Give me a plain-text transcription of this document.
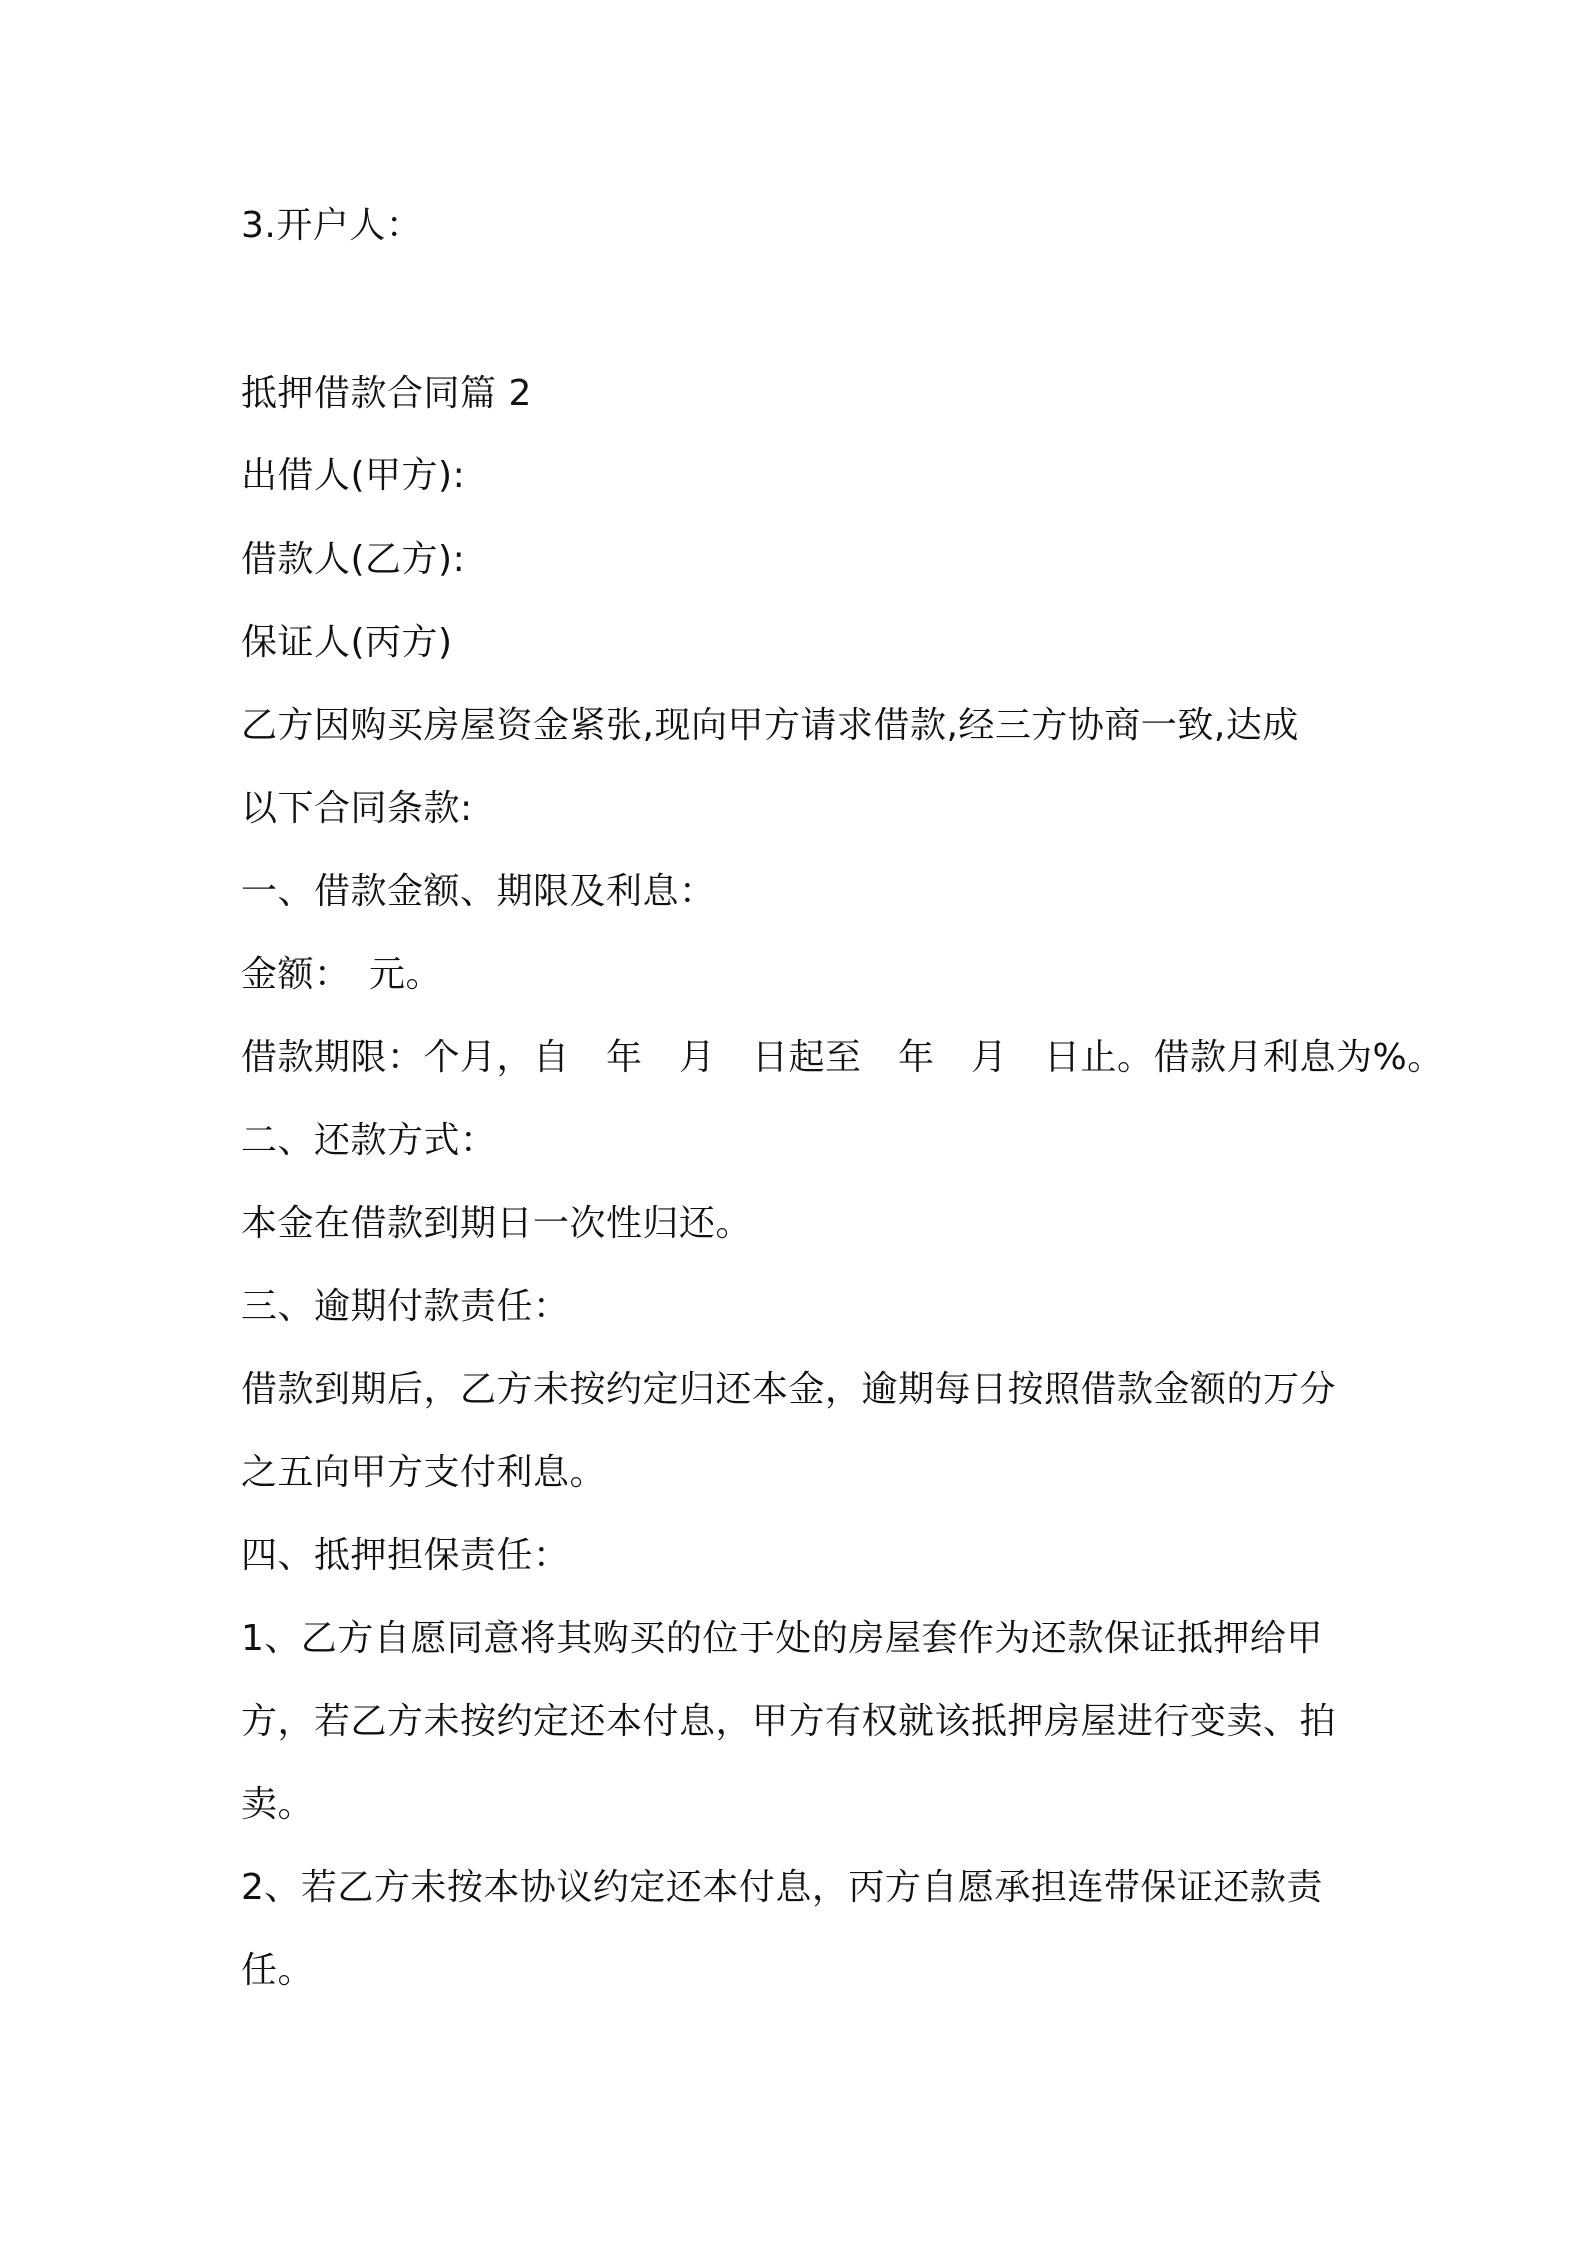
3.开户人：
抵押借款合同篇 2
出借人(甲方):
借款人(乙方):
保证人(丙方)
乙方因购买房屋资金紧张,现向甲方请求借款,经三方协商一致,达成
以下合同条款:
一、借款金额、期限及利息：
金额：　元。
借款期限：个月，自　年　月　日起至　年　月　日止。借款月利息为%。
二、还款方式：
本金在借款到期日一次性归还。
三、逾期付款责任：
借款到期后，乙方未按约定归还本金，逾期每日按照借款金额的万分
之五向甲方支付利息。
四、抵押担保责任：
1、乙方自愿同意将其购买的位于处的房屋套作为还款保证抵押给甲
方，若乙方未按约定还本付息，甲方有权就该抵押房屋进行变卖、拍
卖。
2、若乙方未按本协议约定还本付息，丙方自愿承担连带保证还款责
任。
